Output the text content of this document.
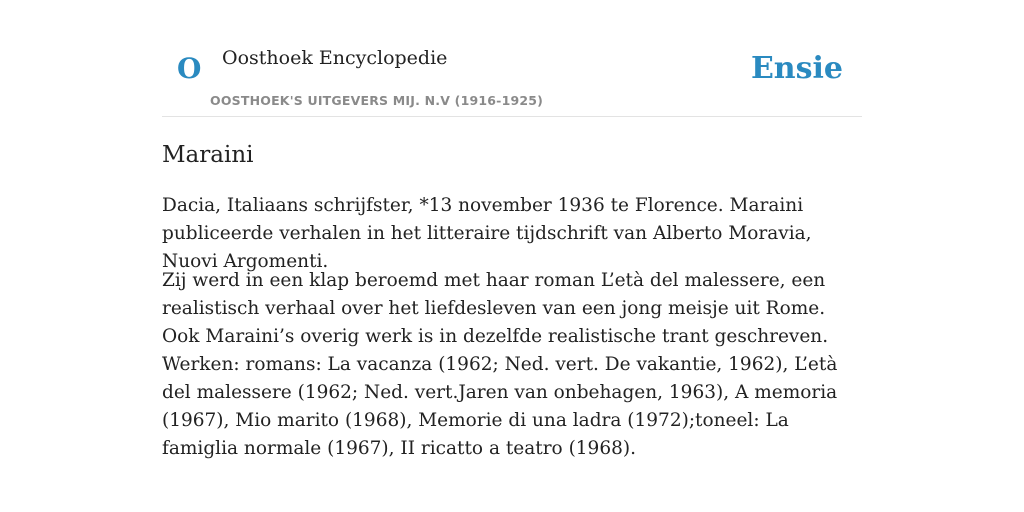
O Oosthoek Encyclopedie
OOSTHOEK'S UITGEVERS MIJ. N.V (1916-1925)
Ensie
Maraini

Dacia, Italiaans schrijfster, *13 november 1936 te Florence. Maraini publiceerde verhalen in het litteraire tijdschrift van Alberto Moravia, Nuovi Argomenti.

Zij werd in een klap beroemd met haar roman L’età del malessere, een realistisch verhaal over het liefdesleven van een jong meisje uit Rome. Ook Maraini’s overig werk is in dezelfde realistische trant geschreven. Werken: romans: La vacanza (1962; Ned. vert. De vakantie, 1962), L’età del malessere (1962; Ned. vert.Jaren van onbehagen, 1963), A memoria (1967), Mio marito (1968), Memorie di una ladra (1972);toneel: La famiglia normale (1967), II ricatto a teatro (1968).
